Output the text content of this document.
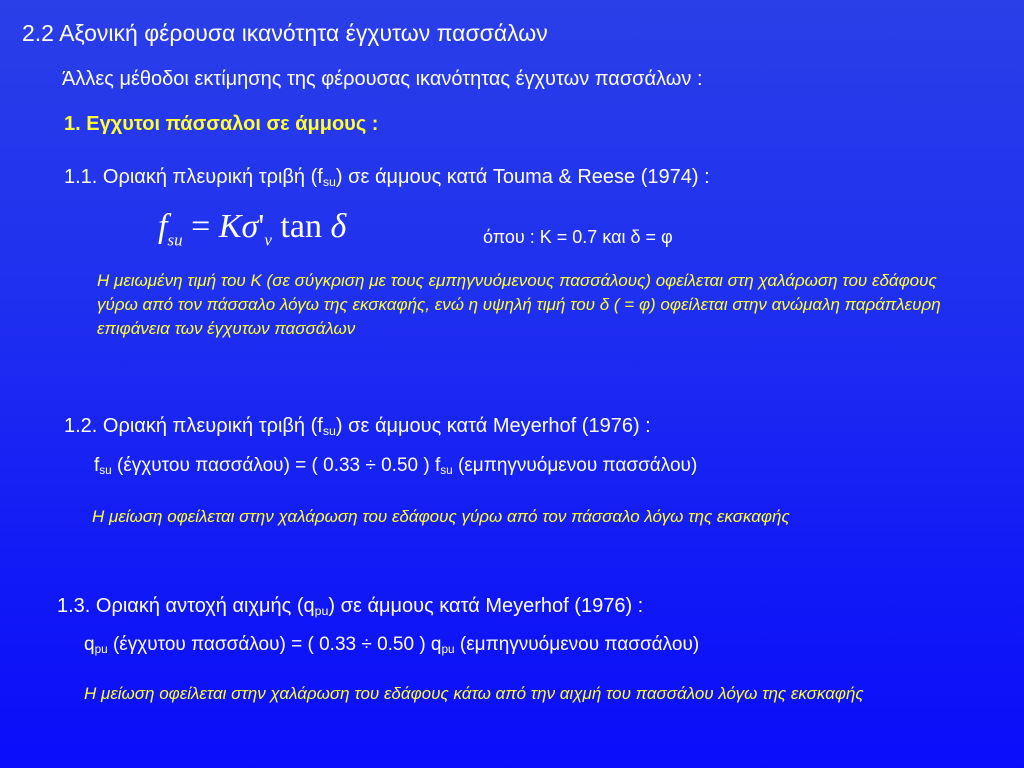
2.2 Αξονική φέρουσα ικανότητα έγχυτων πασσάλων
Άλλες μέθοδοι εκτίμησης της φέρουσας ικανότητας έγχυτων πασσάλων :
1. Εγχυτοι πάσσαλοι σε άμμους :
1.1. Οριακή πλευρική τριβή $(f_{su})$ σε άμμους κατά Touma & Reese (1974) :
$f_{su} = K\sigma'_v$ tan δ	όπου : K = 0.7 και δ = φ
Η μειωμένη τιμή του Κ (σε σύγκριση με τους εμπηγνυόμενους πασσάλους) οφείλεται στη χαλάρωση του εδάφους γύρω από τον πάσσαλο λόγω της εκσκαφής, ενώ η υψηλή τιμή του δ ( = φ) οφείλεται στην ανώμαλη παράπλευρη επιφάνεια των έγχυτων πασσάλων
1.2. Οριακή πλευρική τριβή $(f_{su})$ σε άμμους κατά Meyerhof (1976) :
$f_{su}$ (έγχυτου πασσάλου) = ( 0.33 ÷ 0.50 ) $f_{su}$ (εμπηγνυόμενου πασσάλου)
Η μείωση οφείλεται στην χαλάρωση του εδάφους γύρω από τον πάσσαλο λόγω της εκσκαφής
1.3. Οριακή αντοχή αιχμής $(q_{pu})$ σε άμμους κατά Meyerhof (1976) :
$q_{pu}$ (έγχυτου πασσάλου) = ( 0.33 ÷ 0.50 ) $q_{pu}$ (εμπηγνυόμενου πασσάλου)
Η μείωση οφείλεται στην χαλάρωση του εδάφους κάτω από την αιχμή του πασσάλου λόγω της εκσκαφής
